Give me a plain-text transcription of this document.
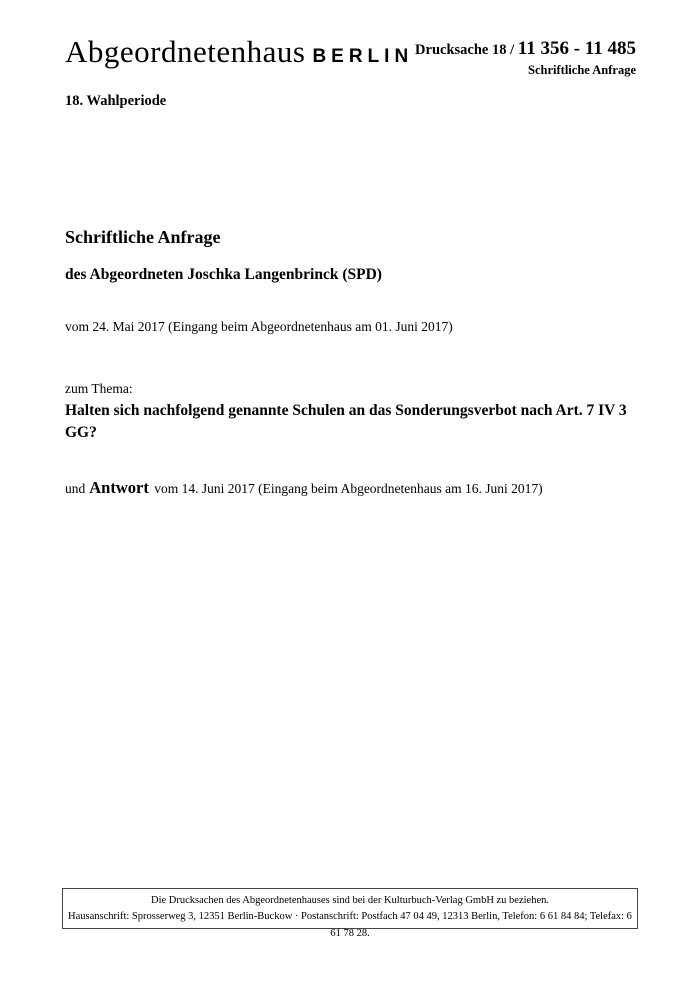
Abgeordnetenhaus BERLIN Drucksache 18 / 11 356 - 11 485
Schriftliche Anfrage
18. Wahlperiode
Schriftliche Anfrage
des Abgeordneten Joschka Langenbrinck (SPD)
vom 24. Mai 2017 (Eingang beim Abgeordnetenhaus am 01. Juni 2017)
zum Thema:
Halten sich nachfolgend genannte Schulen an das Sonderungsverbot nach Art. 7 IV 3 GG?
und Antwort vom 14. Juni 2017 (Eingang beim Abgeordnetenhaus am 16. Juni 2017)
Die Drucksachen des Abgeordnetenhauses sind bei der Kulturbuch-Verlag GmbH zu beziehen.
Hausanschrift: Sprosserweg 3, 12351 Berlin-Buckow · Postanschrift: Postfach 47 04 49, 12313 Berlin, Telefon: 6 61 84 84; Telefax: 6 61 78 28.
